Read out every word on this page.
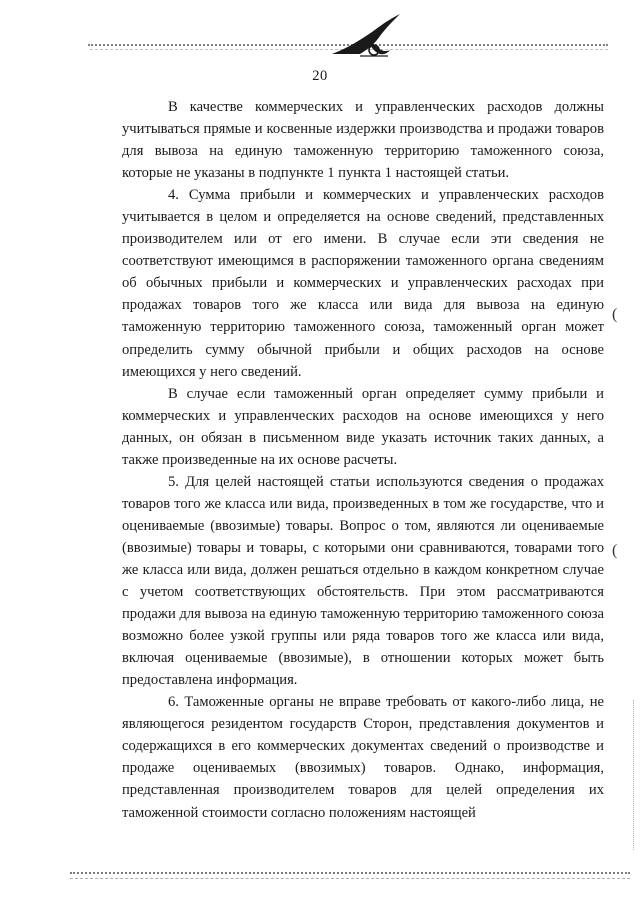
20

В качестве коммерческих и управленческих расходов должны учитываться прямые и косвенные издержки производства и продажи товаров для вывоза на единую таможенную территорию таможенного союза, которые не указаны в подпункте 1 пункта 1 настоящей статьи.

4. Сумма прибыли и коммерческих и управленческих расходов учитывается в целом и определяется на основе сведений, представленных производителем или от его имени. В случае если эти сведения не соответствуют имеющимся в распоряжении таможенного органа сведениям об обычных прибыли и коммерческих и управленческих расходах при продажах товаров того же класса или вида для вывоза на единую таможенную территорию таможенного союза, таможенный орган может определить сумму обычной прибыли и общих расходов на основе имеющихся у него сведений.

В случае если таможенный орган определяет сумму прибыли и коммерческих и управленческих расходов на основе имеющихся у него данных, он обязан в письменном виде указать источник таких данных, а также произведенные на их основе расчеты.

5. Для целей настоящей статьи используются сведения о продажах товаров того же класса или вида, произведенных в том же государстве, что и оцениваемые (ввозимые) товары. Вопрос о том, являются ли оцениваемые (ввозимые) товары и товары, с которыми они сравниваются, товарами того же класса или вида, должен решаться отдельно в каждом конкретном случае с учетом соответствующих обстоятельств. При этом рассматриваются продажи для вывоза на единую таможенную территорию таможенного союза возможно более узкой группы или ряда товаров того же класса или вида, включая оцениваемые (ввозимые), в отношении которых может быть предоставлена информация.

6. Таможенные органы не вправе требовать от какого-либо лица, не являющегося резидентом государств Сторон, представления документов и содержащихся в его коммерческих документах сведений о производстве и продаже оцениваемых (ввозимых) товаров. Однако, информация, представленная производителем товаров для целей определения их таможенной стоимости согласно положениям настоящей

(
(
